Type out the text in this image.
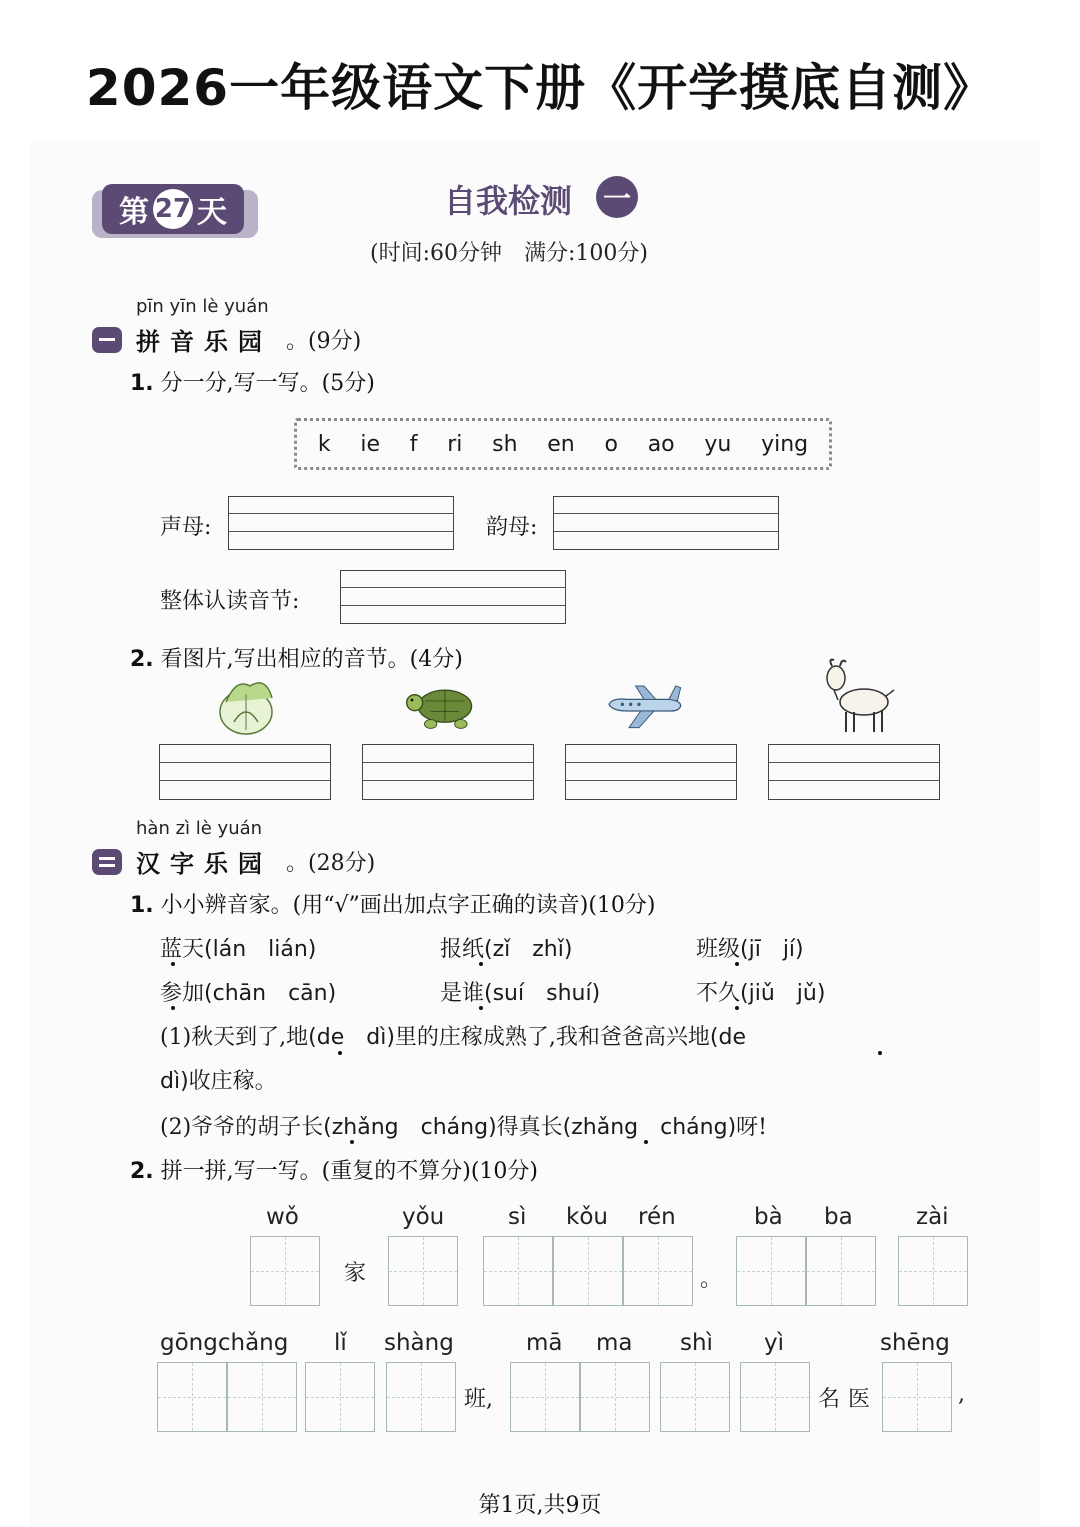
2026一年级语文下册《开学摸底自测》
第 27 天	自我检测 一
(时间:60分钟　满分:100分)
pīn yīn lè yuán
拼音乐园 。(9分)
1. 分一分,写一写。(5分)
k ie f ri sh en o ao yu ying
声母:	韵母:
整体认读音节:
2. 看图片,写出相应的音节。(4分)
hàn zì lè yuán
汉字乐园 。(28分)
1. 小小辨音家。(用“√”画出加点字正确的读音)(10分)
蓝天(lán　lián)	报纸(zǐ　zhǐ)	班级(jī　jí)
参加(chān　cān)	是谁(suí　shuí)	不久(jiǔ　jǔ)
(1)秋天到了,地(de　dì)里的庄稼成熟了,我和爸爸高兴地(de
dì)收庄稼。
(2)爷爷的胡子长(zhǎng　cháng)得真长(zhǎng　cháng)呀!
2. 拼一拼,写一写。(重复的不算分)(10分)
wǒ	yǒu	sì kǒu rén	bà ba	zài
家	。
gōngchǎng lǐ shàng	mā ma shì yì	shēng
班,	名医	,
第1页,共9页
